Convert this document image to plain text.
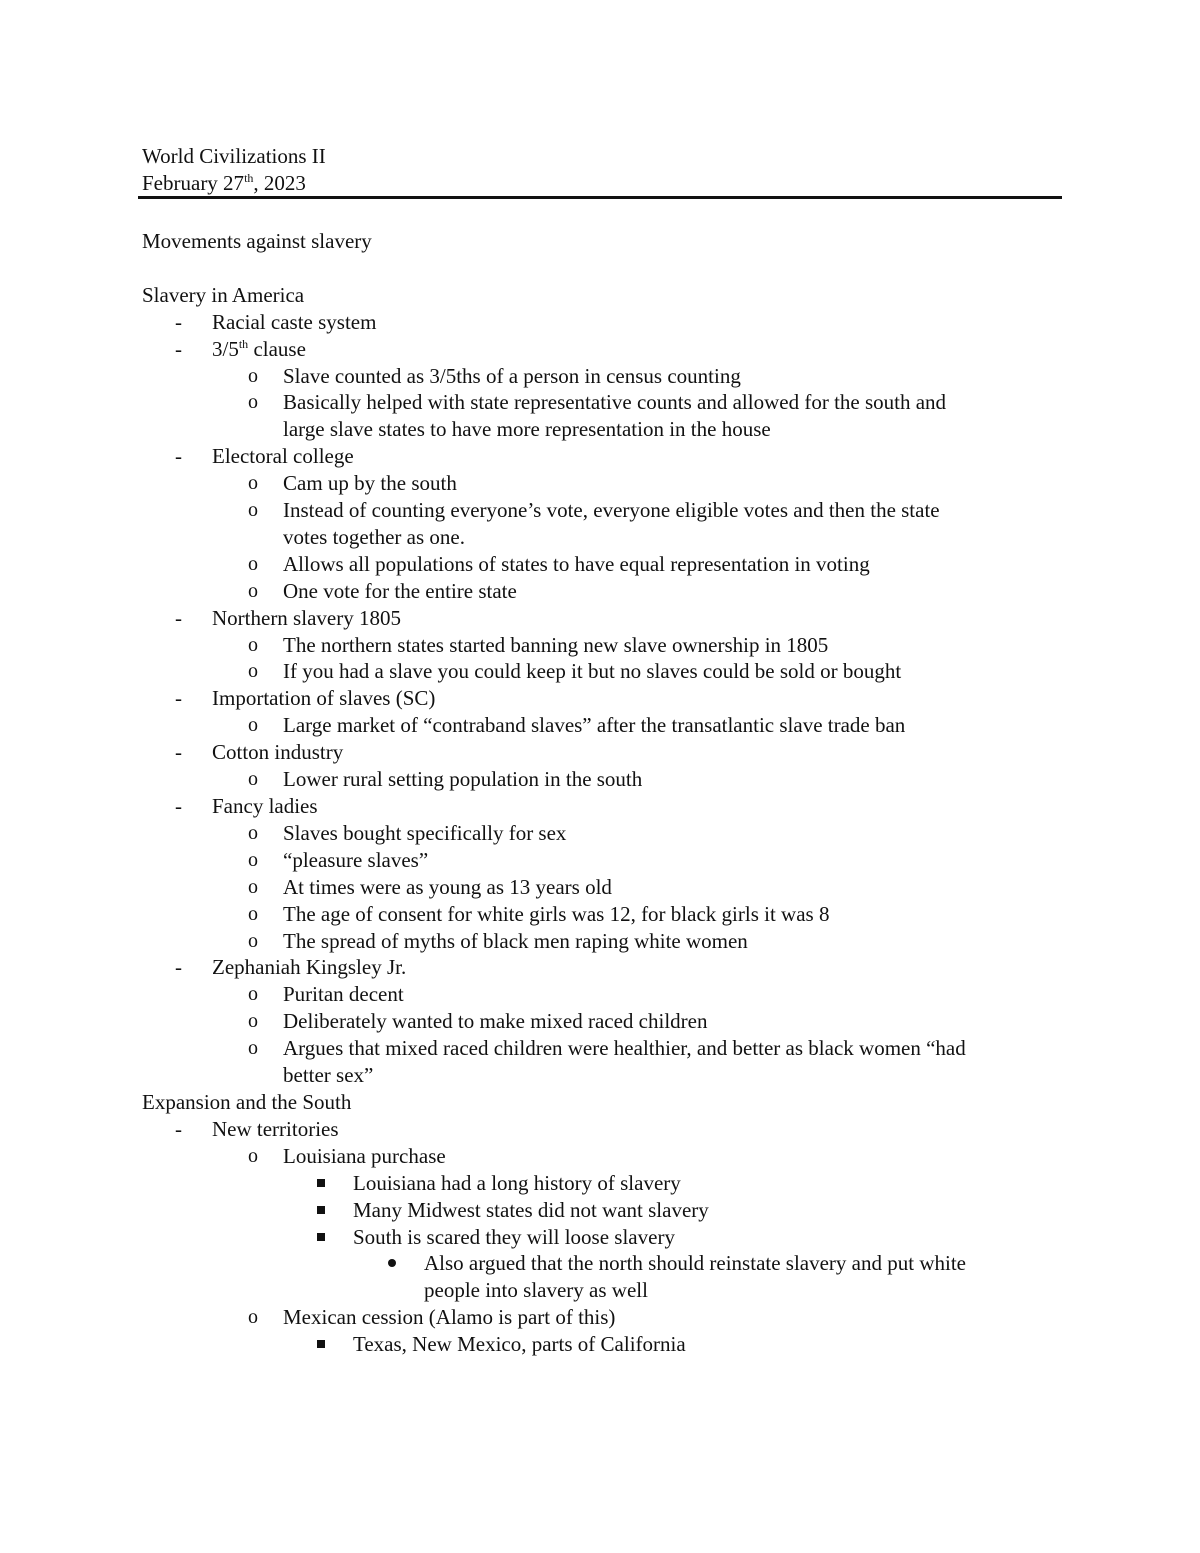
World Civilizations II
February 27th, 2023
Movements against slavery
Slavery in America
-	Racial caste system
-	3/5th clause
o	Slave counted as 3/5ths of a person in census counting
o	Basically helped with state representative counts and allowed for the south and
large slave states to have more representation in the house
-	Electoral college
o	Cam up by the south
o	Instead of counting everyone’s vote, everyone eligible votes and then the state
votes together as one.
o	Allows all populations of states to have equal representation in voting
o	One vote for the entire state
-	Northern slavery 1805
o	The northern states started banning new slave ownership in 1805
o	If you had a slave you could keep it but no slaves could be sold or bought
-	Importation of slaves (SC)
o	Large market of “contraband slaves” after the transatlantic slave trade ban
-	Cotton industry
o	Lower rural setting population in the south
-	Fancy ladies
o	Slaves bought specifically for sex
o	“pleasure slaves”
o	At times were as young as 13 years old
o	The age of consent for white girls was 12, for black girls it was 8
o	The spread of myths of black men raping white women
-	Zephaniah Kingsley Jr.
o	Puritan decent
o	Deliberately wanted to make mixed raced children
o	Argues that mixed raced children were healthier, and better as black women “had
better sex”
Expansion and the South
-	New territories
o	Louisiana purchase
Louisiana had a long history of slavery
Many Midwest states did not want slavery
South is scared they will loose slavery
Also argued that the north should reinstate slavery and put white
people into slavery as well
o	Mexican cession (Alamo is part of this)
Texas, New Mexico, parts of California
